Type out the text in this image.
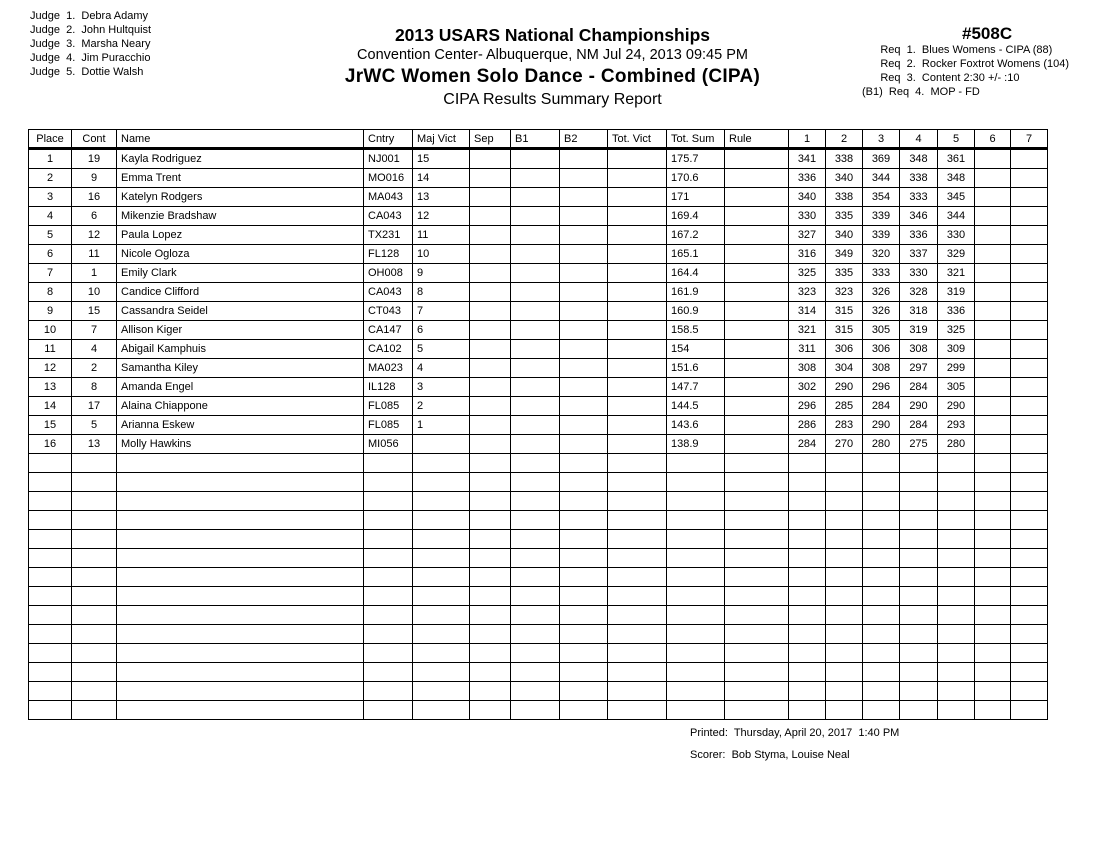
Judge  1.  Debra Adamy
Judge  2.  John Hultquist
Judge  3.  Marsha Neary
Judge  4.  Jim Puracchio
Judge  5.  Dottie Walsh
2013 USARS National Championships
Convention Center- Albuquerque, NM Jul 24, 2013 09:45 PM
JrWC Women Solo Dance - Combined (CIPA)
CIPA Results Summary Report
#508C
Req  1.  Blues Womens - CIPA (88)
Req  2.  Rocker Foxtrot Womens (104)
Req  3.  Content 2:30 +/- :10
(B1)  Req  4.  MOP - FD
Place	Cont	Name	Cntry	Maj Vict	Sep	B1	B2	Tot. Vict	Tot. Sum	Rule	1	2	3	4	5	6	7
1	19	Kayla Rodriguez	NJ001	15					175.7		341	338	369	348	361		
2	9	Emma Trent	MO016	14					170.6		336	340	344	338	348		
3	16	Katelyn Rodgers	MA043	13					171		340	338	354	333	345		
4	6	Mikenzie Bradshaw	CA043	12					169.4		330	335	339	346	344		
5	12	Paula Lopez	TX231	11					167.2		327	340	339	336	330		
6	11	Nicole Ogloza	FL128	10					165.1		316	349	320	337	329		
7	1	Emily Clark	OH008	9					164.4		325	335	333	330	321		
8	10	Candice Clifford	CA043	8					161.9		323	323	326	328	319		
9	15	Cassandra Seidel	CT043	7					160.9		314	315	326	318	336		
10	7	Allison Kiger	CA147	6					158.5		321	315	305	319	325		
11	4	Abigail Kamphuis	CA102	5					154		311	306	306	308	309		
12	2	Samantha Kiley	MA023	4					151.6		308	304	308	297	299		
13	8	Amanda Engel	IL128	3					147.7		302	290	296	284	305		
14	17	Alaina Chiappone	FL085	2					144.5		296	285	284	290	290		
15	5	Arianna Eskew	FL085	1					143.6		286	283	290	284	293		
16	13	Molly Hawkins	MI056						138.9		284	270	280	275	280		

Printed:  Thursday, April 20, 2017  1:40 PM
Scorer:  Bob Styma, Louise Neal
